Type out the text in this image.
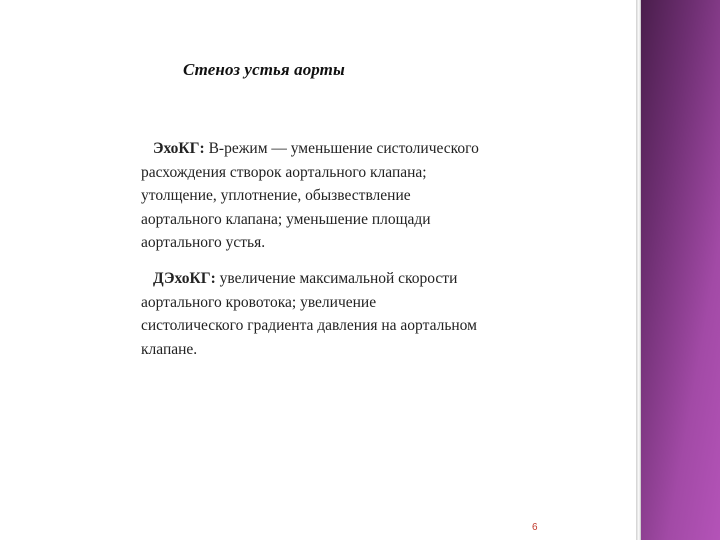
Стеноз устья аорты
ЭхоКГ: В-режим — уменьшение систолического
расхождения створок аортального клапана;
утолщение, уплотнение, обызвествление
аортального клапана; уменьшение площади
аортального устья.
ДЭхоКГ: увеличение максимальной скорости
аортального кровотока; увеличение
систолического градиента давления на аортальном
клапане.
6
